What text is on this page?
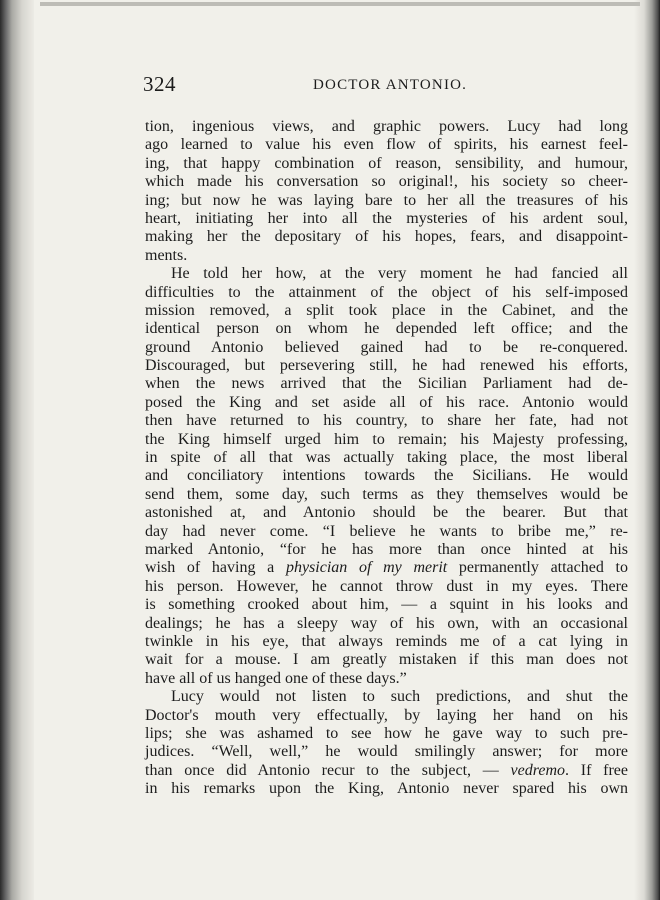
324	DOCTOR ANTONIO.
tion, ingenious views, and graphic powers. Lucy had long
ago learned to value his even flow of spirits, his earnest feel-
ing, that happy combination of reason, sensibility, and humour,
which made his conversation so original!, his society so cheer-
ing; but now he was laying bare to her all the treasures of his
heart, initiating her into all the mysteries of his ardent soul,
making her the depositary of his hopes, fears, and disappoint-
ments.
He told her how, at the very moment he had fancied all
difficulties to the attainment of the object of his self-imposed
mission removed, a split took place in the Cabinet, and the
identical person on whom he depended left office; and the
ground Antonio believed gained had to be re-conquered.
Discouraged, but persevering still, he had renewed his efforts,
when the news arrived that the Sicilian Parliament had de-
posed the King and set aside all of his race. Antonio would
then have returned to his country, to share her fate, had not
the King himself urged him to remain; his Majesty professing,
in spite of all that was actually taking place, the most liberal
and conciliatory intentions towards the Sicilians. He would
send them, some day, such terms as they themselves would be
astonished at, and Antonio should be the bearer. But that
day had never come. “I believe he wants to bribe me,” re-
marked Antonio, “for he has more than once hinted at his
wish of having a physician of my merit permanently attached to
his person. However, he cannot throw dust in my eyes. There
is something crooked about him, — a squint in his looks and
dealings; he has a sleepy way of his own, with an occasional
twinkle in his eye, that always reminds me of a cat lying in
wait for a mouse. I am greatly mistaken if this man does not
have all of us hanged one of these days.”
Lucy would not listen to such predictions, and shut the
Doctor's mouth very effectually, by laying her hand on his
lips; she was ashamed to see how he gave way to such pre-
judices. “Well, well,” he would smilingly answer; for more
than once did Antonio recur to the subject, — vedremo. If free
in his remarks upon the King, Antonio never spared his own
